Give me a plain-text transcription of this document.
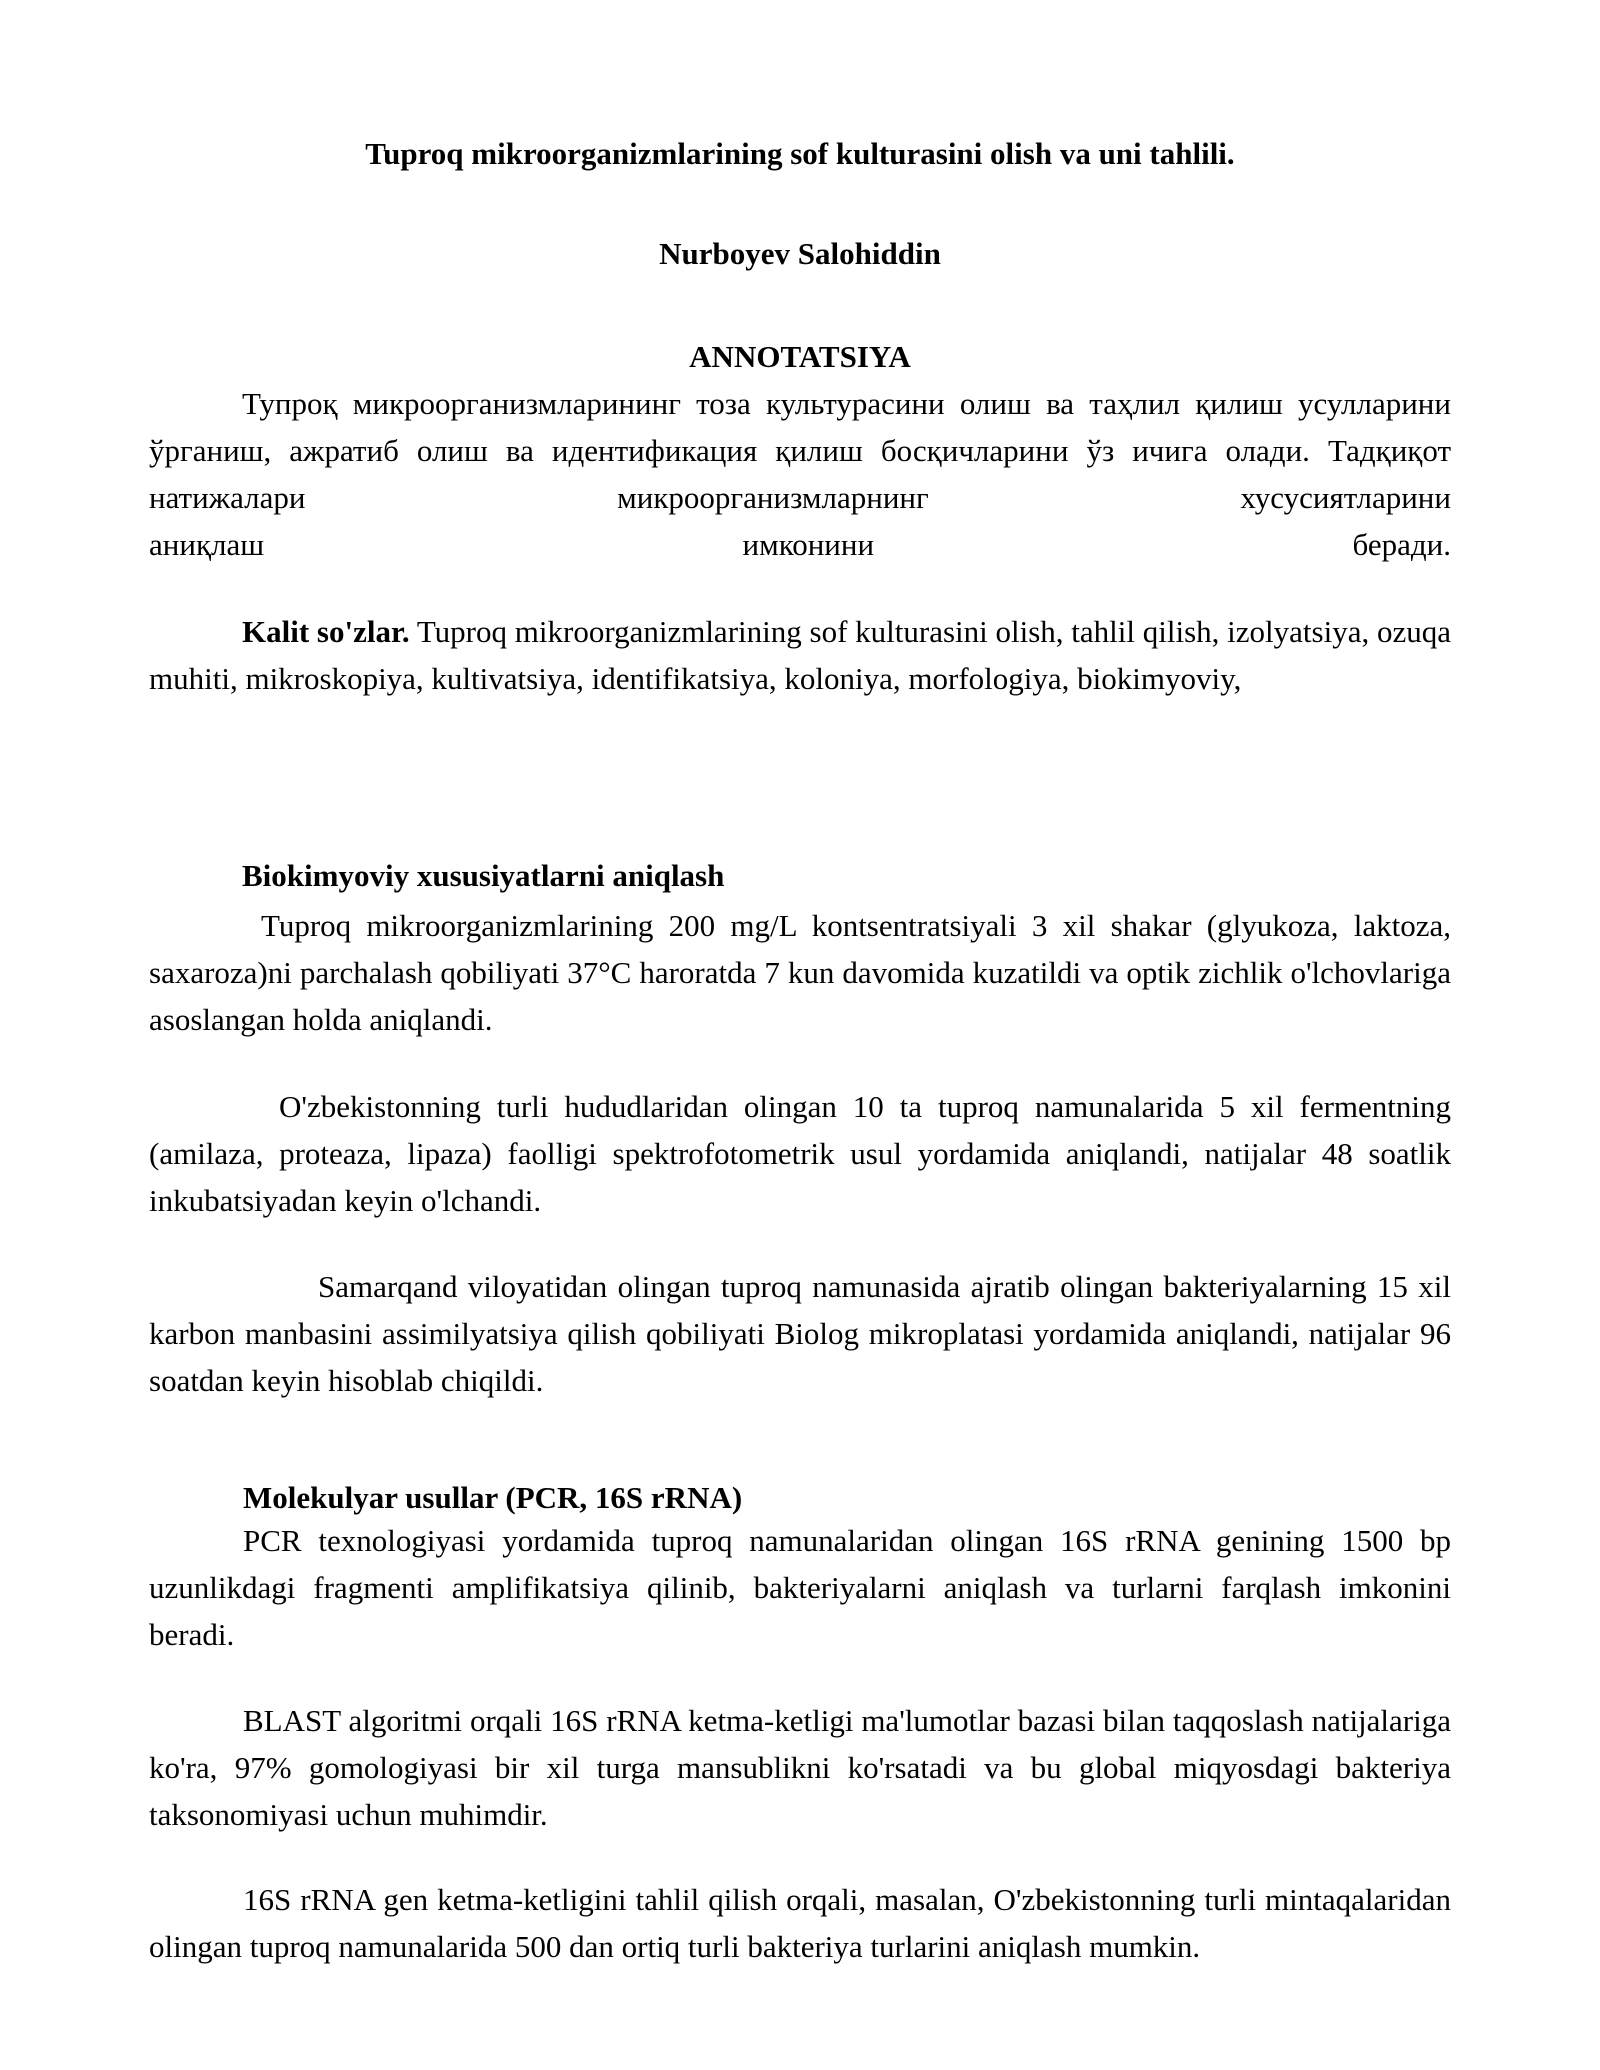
Tuproq mikroorganizmlarining sof kulturasini olish va uni tahlili.

Nurboyev Salohiddin

ANNOTATSIYA

Тупроқ микроорганизмларининг тоза культурасини олиш ва таҳлил қилиш усулларини ўрганиш, ажратиб олиш ва идентификация қилиш босқичларини ўз ичига олади. Тадқиқот натижалари микроорганизмларнинг хусусиятларини

аниқлаш имконини беради.

Kalit so'zlar. Tuproq mikroorganizmlarining sof kulturasini olish, tahlil qilish, izolyatsiya, ozuqa muhiti, mikroskopiya, kultivatsiya, identifikatsiya, koloniya, morfologiya, biokimyoviy,

Biokimyoviy xususiyatlarni aniqlash

Tuproq mikroorganizmlarining 200 mg/L kontsentratsiyali 3 xil shakar (glyukoza, laktoza, saxaroza)ni parchalash qobiliyati 37°C haroratda 7 kun davomida kuzatildi va optik zichlik o'lchovlariga asoslangan holda aniqlandi.

O'zbekistonning turli hududlaridan olingan 10 ta tuproq namunalarida 5 xil fermentning (amilaza, proteaza, lipaza) faolligi spektrofotometrik usul yordamida aniqlandi, natijalar 48 soatlik inkubatsiyadan keyin o'lchandi.

Samarqand viloyatidan olingan tuproq namunasida ajratib olingan bakteriyalarning 15 xil karbon manbasini assimilyatsiya qilish qobiliyati Biolog mikroplatasi yordamida aniqlandi, natijalar 96 soatdan keyin hisoblab chiqildi.

Molekulyar usullar (PCR, 16S rRNA)

PCR texnologiyasi yordamida tuproq namunalaridan olingan 16S rRNA genining 1500 bp uzunlikdagi fragmenti amplifikatsiya qilinib, bakteriyalarni aniqlash va turlarni farqlash imkonini beradi.

BLAST algoritmi orqali 16S rRNA ketma-ketligi ma'lumotlar bazasi bilan taqqoslash natijalariga ko'ra, 97% gomologiyasi bir xil turga mansublikni ko'rsatadi va bu global miqyosdagi bakteriya taksonomiyasi uchun muhimdir.

16S rRNA gen ketma-ketligini tahlil qilish orqali, masalan, O'zbekistonning turli mintaqalaridan olingan tuproq namunalarida 500 dan ortiq turli bakteriya turlarini aniqlash mumkin.
